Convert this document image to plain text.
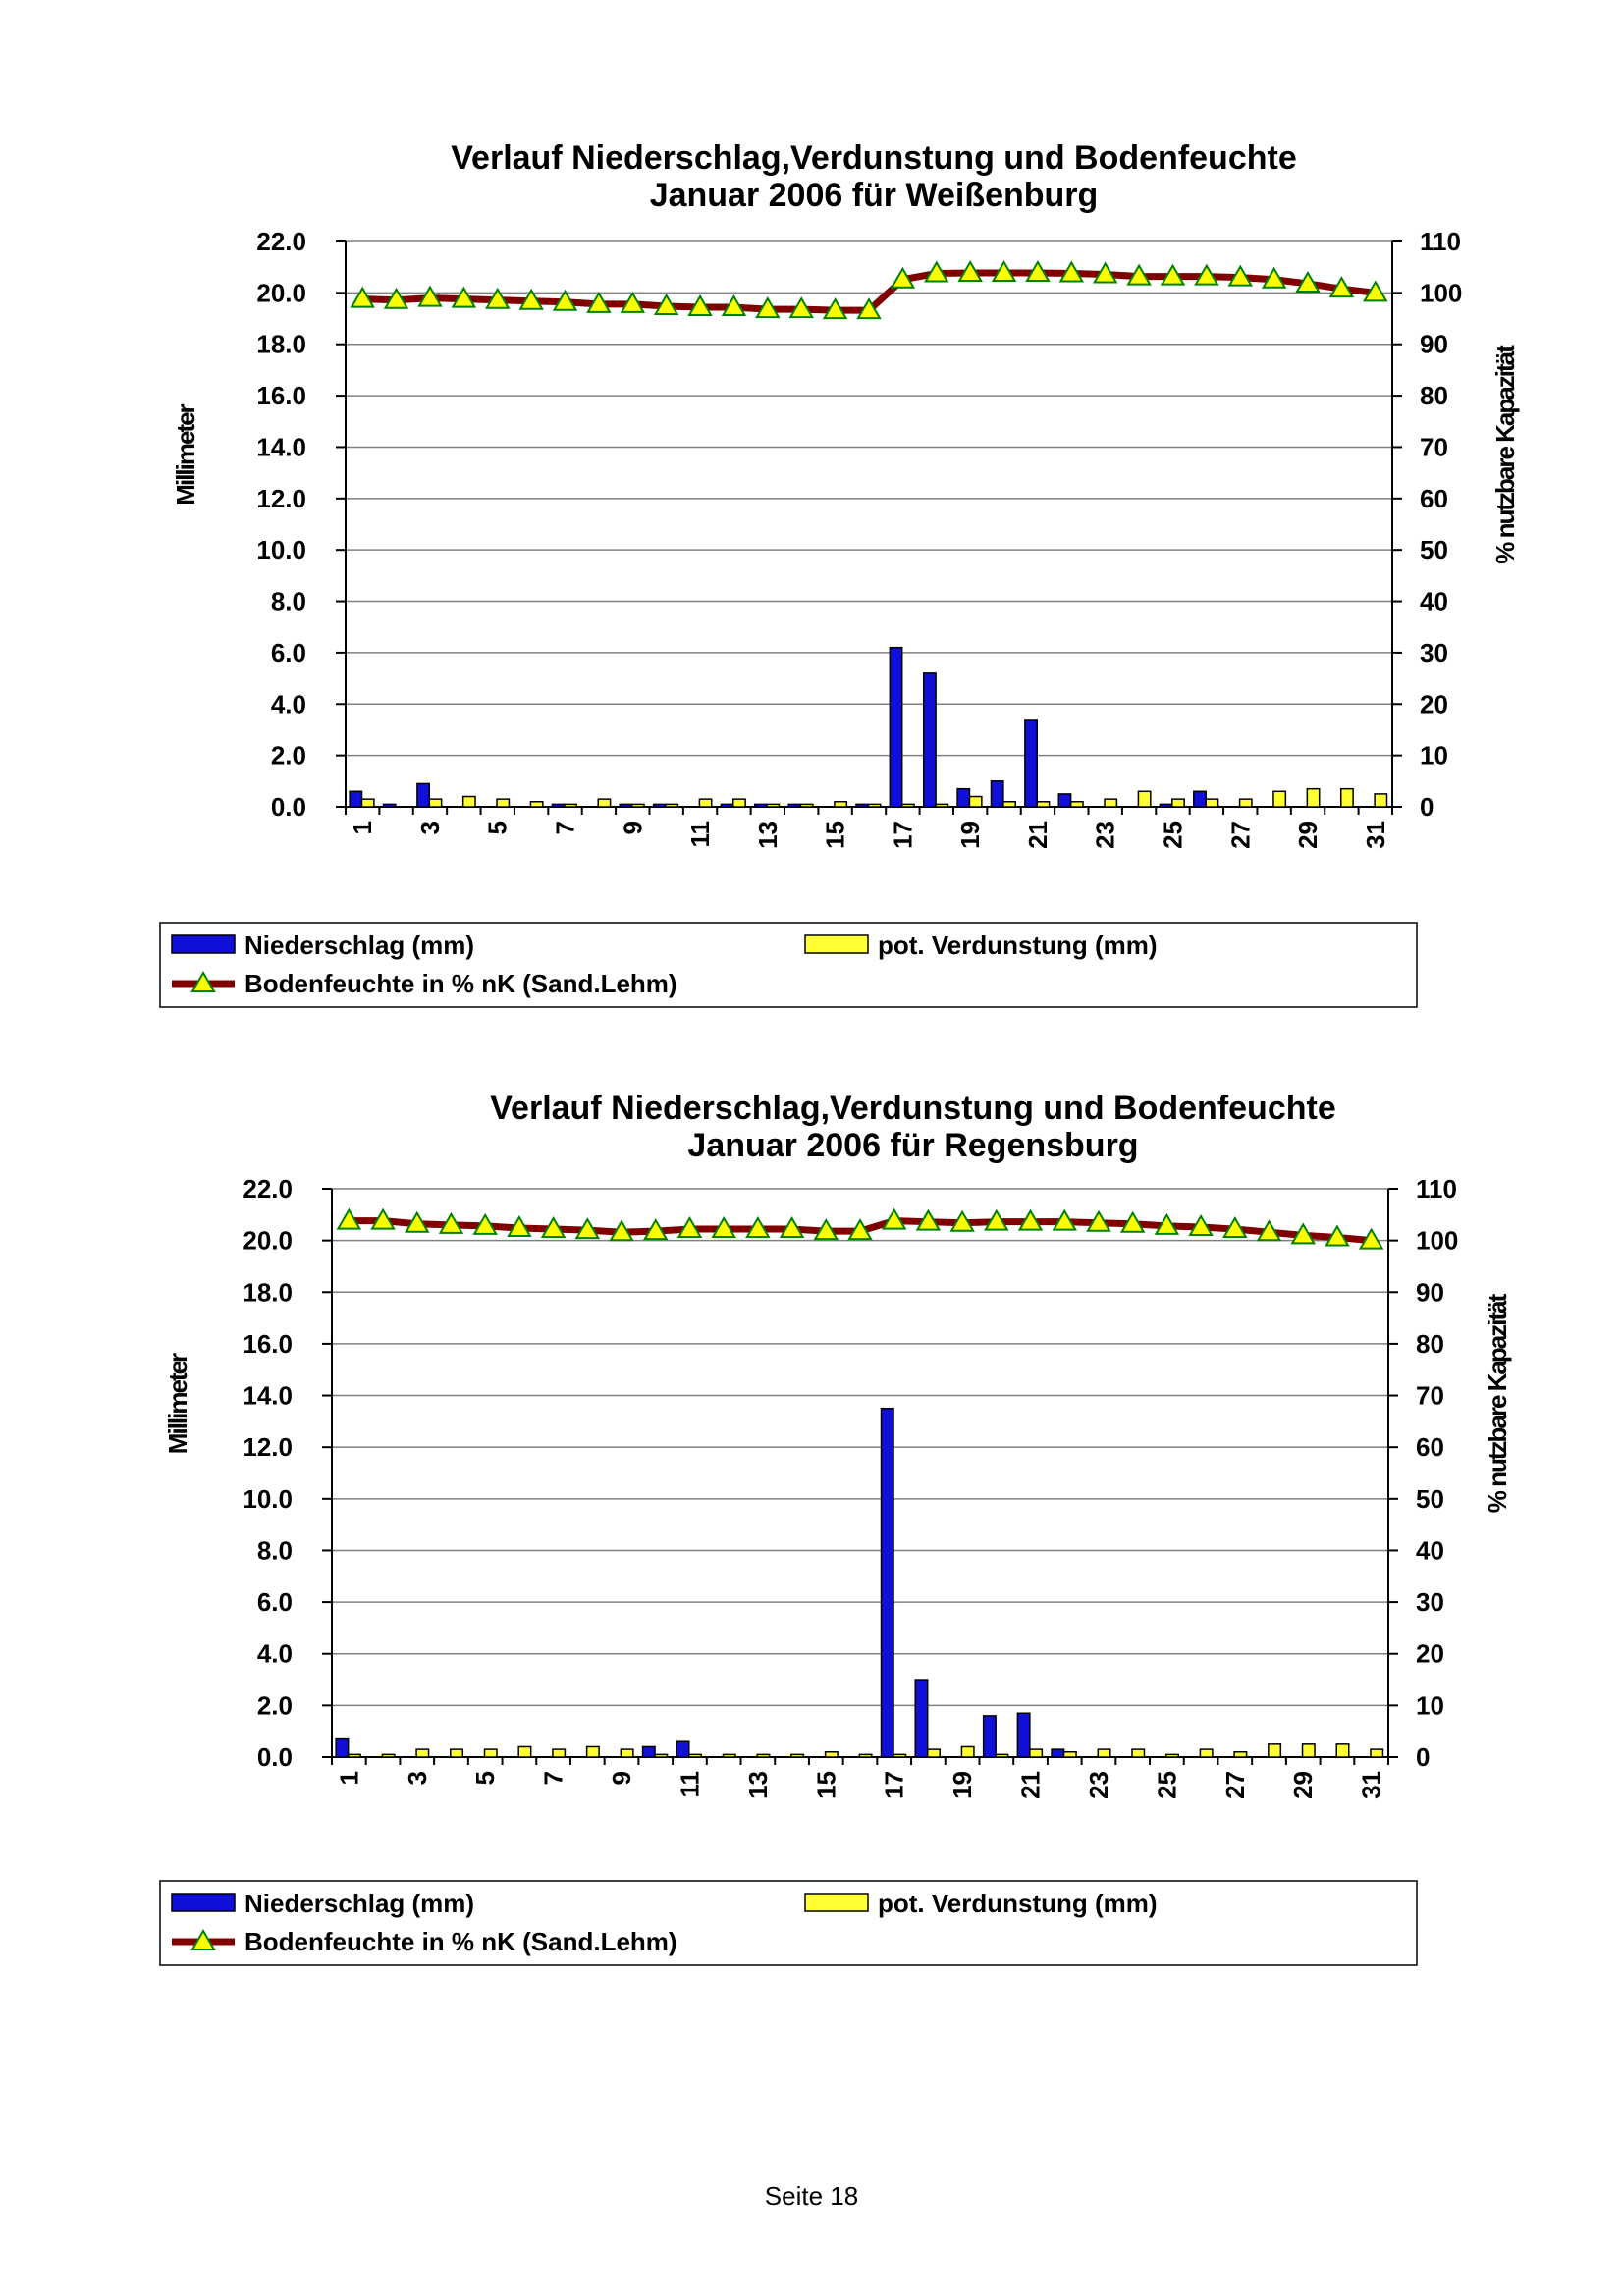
Verlauf Niederschlag,Verdunstung und Bodenfeuchte
Januar 2006 für Weißenburg
0.0	0
2.0	10
4.0	20
6.0	30
8.0	40
10.0	50
12.0	60
14.0	70
16.0	80
18.0	90
20.0	100
22.0	110
1 3 5 7 9 11 13 15 17 19 21 23 25 27 29 31
Millimeter	% nutzbare Kapazität
Niederschlag (mm)	pot. Verdunstung (mm)
Bodenfeuchte in % nK (Sand.Lehm)
Verlauf Niederschlag,Verdunstung und Bodenfeuchte
Januar 2006 für Regensburg
0.0	0
2.0	10
4.0	20
6.0	30
8.0	40
10.0	50
12.0	60
14.0	70
16.0	80
18.0	90
20.0	100
22.0	110
1 3 5 7 9 11 13 15 17 19 21 23 25 27 29 31
Millimeter	% nutzbare Kapazität
Niederschlag (mm)	pot. Verdunstung (mm)
Bodenfeuchte in % nK (Sand.Lehm)
Seite 18
